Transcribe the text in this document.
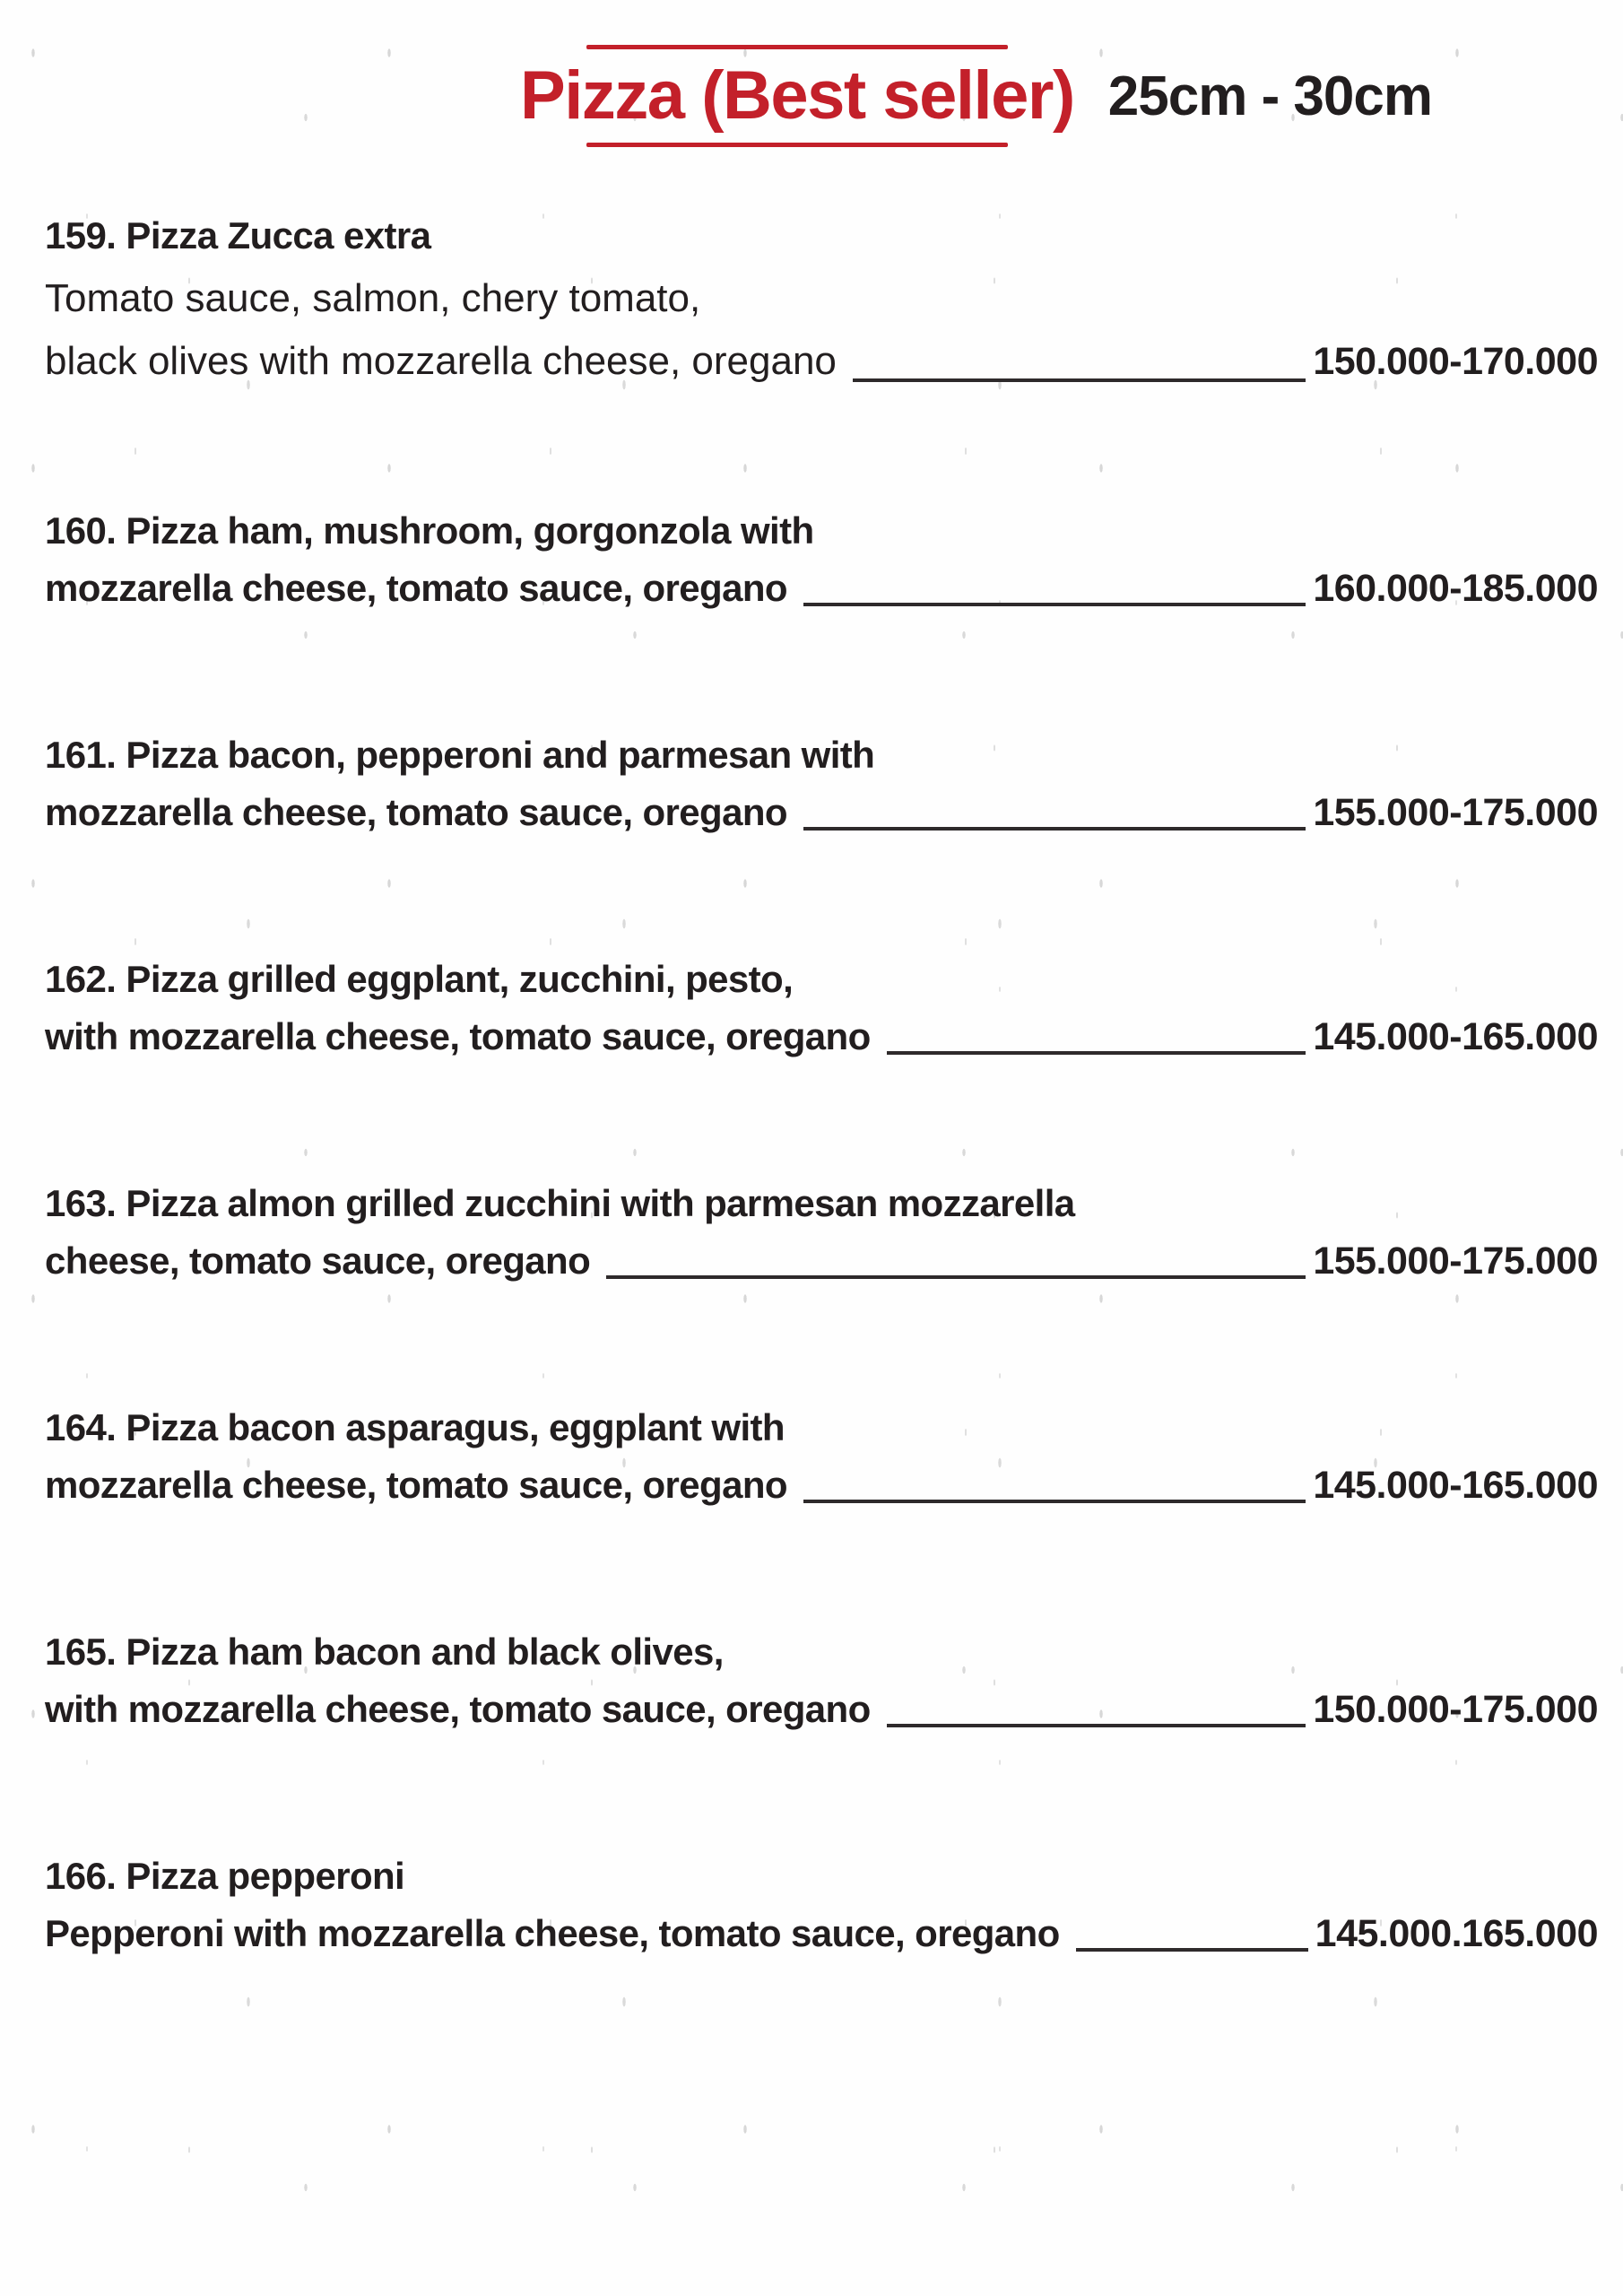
Pizza (Best seller) 25cm - 30cm
159. Pizza Zucca extra
Tomato sauce, salmon, chery tomato,
black olives with mozzarella cheese, oregano	150.000-170.000
160. Pizza ham, mushroom, gorgonzola with
mozzarella cheese, tomato sauce, oregano	160.000-185.000
161. Pizza bacon, pepperoni and parmesan with
mozzarella cheese, tomato sauce, oregano	155.000-175.000
162. Pizza grilled eggplant, zucchini, pesto,
with mozzarella cheese, tomato sauce, oregano	145.000-165.000
163. Pizza almon grilled zucchini with parmesan mozzarella
cheese, tomato sauce, oregano	155.000-175.000
164. Pizza bacon asparagus, eggplant with
mozzarella cheese, tomato sauce, oregano	145.000-165.000
165. Pizza ham bacon and black olives,
with mozzarella cheese, tomato sauce, oregano	150.000-175.000
166. Pizza pepperoni
Pepperoni with mozzarella cheese, tomato sauce, oregano	145.000.165.000
